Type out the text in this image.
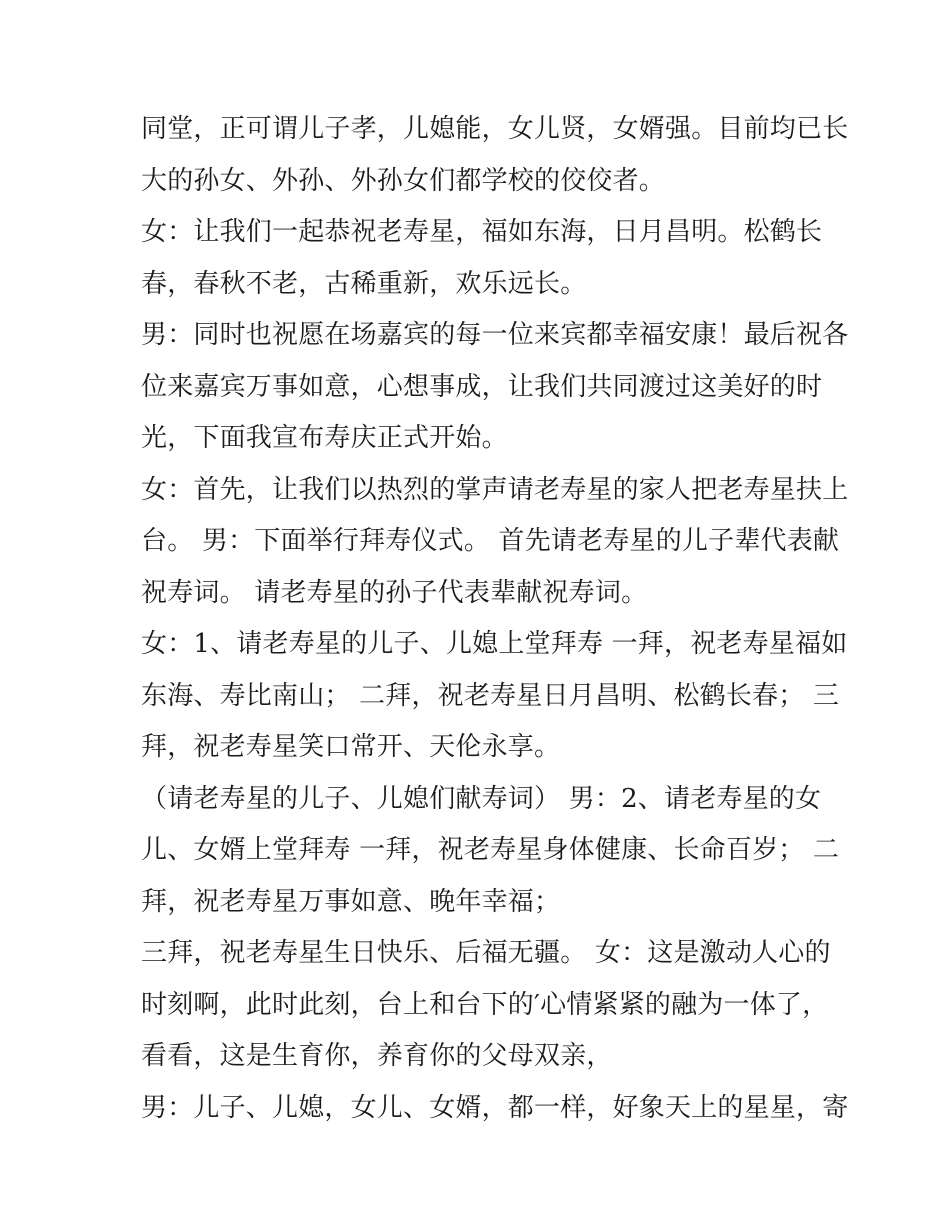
同堂，正可谓儿子孝，儿媳能，女儿贤，女婿强。目前均已长
大的孙女、外孙、外孙女们都学校的佼佼者。
女：让我们一起恭祝老寿星，福如东海，日月昌明。松鹤长
春，春秋不老，古稀重新，欢乐远长。
男：同时也祝愿在场嘉宾的每一位来宾都幸福安康！最后祝各
位来嘉宾万事如意，心想事成，让我们共同渡过这美好的时
光，下面我宣布寿庆正式开始。
女：首先，让我们以热烈的掌声请老寿星的家人把老寿星扶上
台。 男：下面举行拜寿仪式。 首先请老寿星的儿子辈代表献
祝寿词。 请老寿星的孙子代表辈献祝寿词。
女：1、请老寿星的儿子、儿媳上堂拜寿 一拜，祝老寿星福如
东海、寿比南山； 二拜，祝老寿星日月昌明、松鹤长春； 三
拜，祝老寿星笑口常开、天伦永享。
（请老寿星的儿子、儿媳们献寿词） 男：2、请老寿星的女
儿、女婿上堂拜寿 一拜，祝老寿星身体健康、长命百岁； 二
拜，祝老寿星万事如意、晚年幸福；
三拜，祝老寿星生日快乐、后福无疆。 女：这是激动人心的
时刻啊，此时此刻，台上和台下的′心情紧紧的融为一体了，
看看，这是生育你，养育你的父母双亲，
男：儿子、儿媳，女儿、女婿，都一样，好象天上的星星，寄
